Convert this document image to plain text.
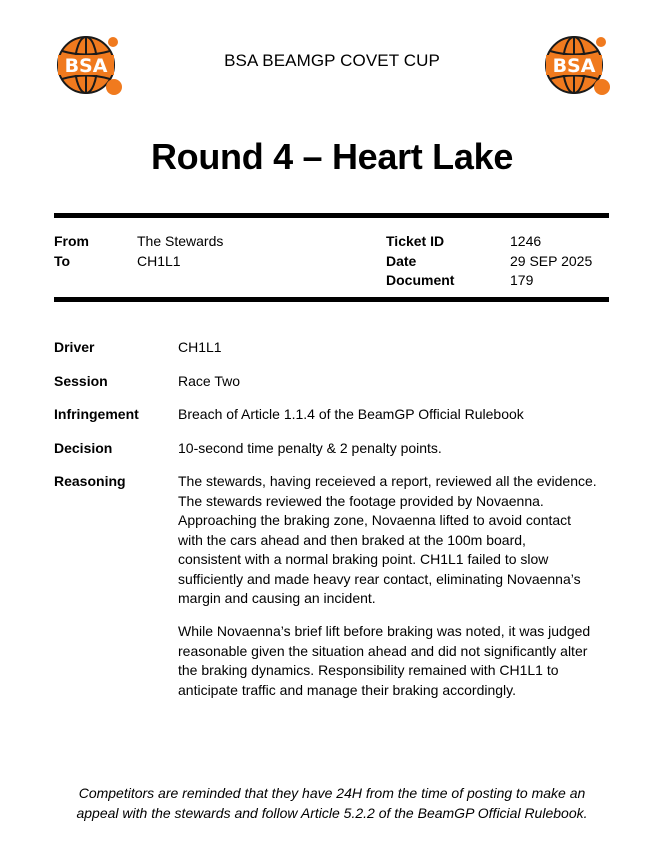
BSA	BSA
BSA BEAMGP COVET CUP
Round 4 – Heart Lake
From	The Stewards
To	CH1L1
Ticket ID	1246
Date	29 SEP 2025
Document	179
Driver	CH1L1
Session	Race Two
Infringement	Breach of Article 1.1.4 of the BeamGP Official Rulebook
Decision	10-second time penalty & 2 penalty points.
Reasoning	The stewards, having receieved a report, reviewed all the evidence.
The stewards reviewed the footage provided by Novaenna.
Approaching the braking zone, Novaenna lifted to avoid contact
with the cars ahead and then braked at the 100m board,
consistent with a normal braking point. CH1L1 failed to slow
sufficiently and made heavy rear contact, eliminating Novaenna’s
margin and causing an incident.

While Novaenna’s brief lift before braking was noted, it was judged
reasonable given the situation ahead and did not significantly alter
the braking dynamics. Responsibility remained with CH1L1 to
anticipate traffic and manage their braking accordingly.

Competitors are reminded that they have 24H from the time of posting to make an
appeal with the stewards and follow Article 5.2.2 of the BeamGP Official Rulebook.
